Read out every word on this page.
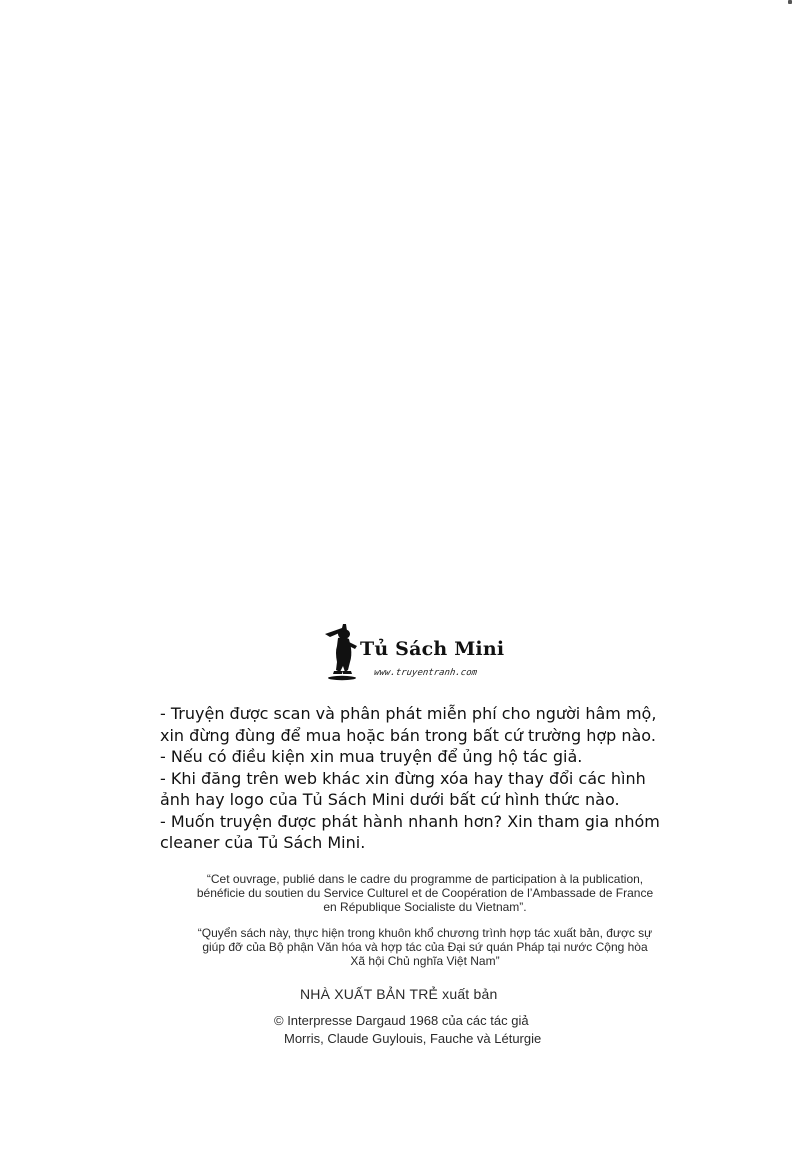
Tủ Sách Mini
www.truyentranh.com
- Truyện được scan và phân phát miễn phí cho người hâm mộ, xin đừng đùng để mua hoặc bán trong bất cứ trường hợp nào.
- Nếu có điều kiện xin mua truyện để ủng hộ tác giả.
- Khi đăng trên web khác xin đừng xóa hay thay đổi các hình ảnh hay logo của Tủ Sách Mini dưới bất cứ hình thức nào.
- Muốn truyện được phát hành nhanh hơn? Xin tham gia nhóm cleaner của Tủ Sách Mini.

“Cet ouvrage, publié dans le cadre du programme de participation à la publication, bénéficie du soutien du Service Culturel et de Coopération de l’Ambassade de France en République Socialiste du Vietnam”.

“Quyển sách này, thực hiện trong khuôn khổ chương trình hợp tác xuất bản, được sự giúp đỡ của Bộ phận Văn hóa và hợp tác của Đại sứ quán Pháp tại nước Cộng hòa Xã hội Chủ nghĩa Việt Nam”

NHÀ XUẤT BẢN TRẺ xuất bản

© Interpresse Dargaud 1968 của các tác giả

Morris, Claude Guylouis, Fauche và Léturgie
